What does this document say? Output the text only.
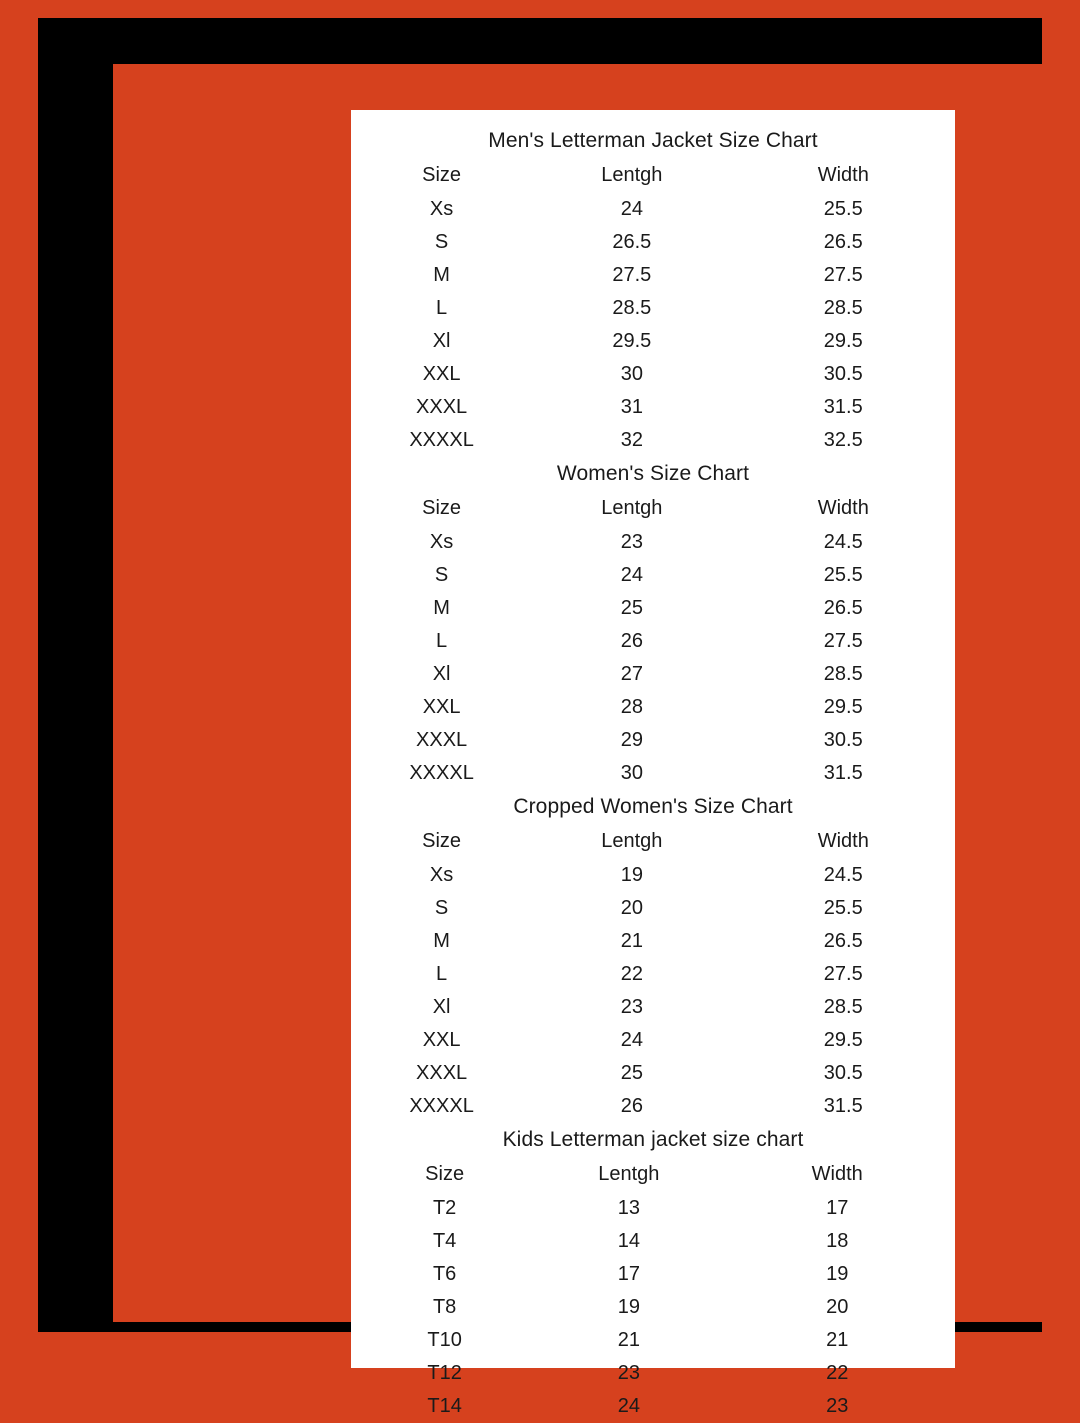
Men's Letterman Jacket Size Chart
Size	Lentgh	Width
Xs	24	25.5
S	26.5	26.5
M	27.5	27.5
L	28.5	28.5
Xl	29.5	29.5
XXL	30	30.5
XXXL	31	31.5
XXXXL	32	32.5
Women's Size Chart
Size	Lentgh	Width
Xs	23	24.5
S	24	25.5
M	25	26.5
L	26	27.5
Xl	27	28.5
XXL	28	29.5
XXXL	29	30.5
XXXXL	30	31.5
Cropped Women's Size Chart
Size	Lentgh	Width
Xs	19	24.5
S	20	25.5
M	21	26.5
L	22	27.5
Xl	23	28.5
XXL	24	29.5
XXXL	25	30.5
XXXXL	26	31.5
Kids Letterman jacket size chart
Size	Lentgh	Width
T2	13	17
T4	14	18
T6	17	19
T8	19	20
T10	21	21
T12	23	22
T14	24	23
